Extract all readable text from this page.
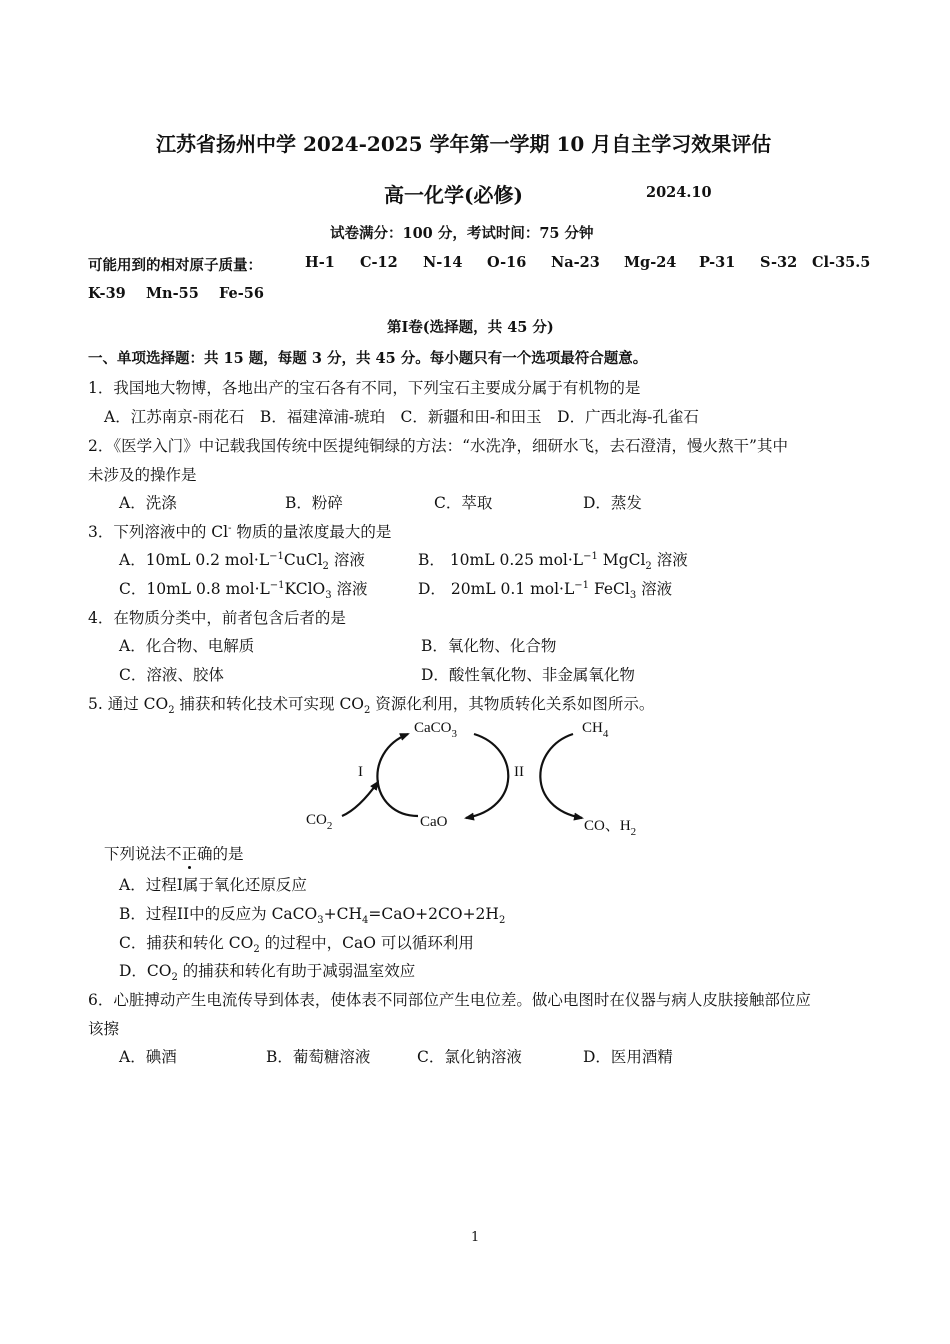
江苏省扬州中学 2024-2025 学年第一学期 10 月自主学习效果评估
高一化学(必修)	2024.10
试卷满分：100 分，考试时间：75 分钟
可能用到的相对原子质量：	H-1 C-12 N-14 O-16 Na-23 Mg-24 P-31 S-32 Cl-35.5
K-39 Mn-55 Fe-56
第Ⅰ卷(选择题，共 45 分)
一、单项选择题：共 15 题，每题 3 分，共 45 分。每小题只有一个选项最符合题意。
1．我国地大物博，各地出产的宝石各有不同，下列宝石主要成分属于有机物的是
A．江苏南京-雨花石　B．福建漳浦-琥珀　C．新疆和田-和田玉　D．广西北海-孔雀石
2．《医学入门》中记载我国传统中医提纯铜绿的方法：“水洗净，细研水飞，去石澄清，慢火熬干”其中
未涉及的操作是
A．洗涤	B．粉碎	C．萃取	D．蒸发
3．下列溶液中的 Cl- 物质的量浓度最大的是
A．10mL 0.2 $mol\cdot L^{-1}CuCl_2$ 溶液	B． 10mL 0.25 $mol\cdot L^{-1}$ MgCl$_2$ 溶液
C．10mL 0.8 $mol\cdot L^{-1}KClO_3$ 溶液	D． 20mL 0.1 $mol\cdot L^{-1}$ FeCl$_3$ 溶液
4．在物质分类中，前者包含后者的是
A．化合物、电解质	B．氧化物、化合物
C．溶液、胶体	D．酸性氧化物、非金属氧化物
5. 通过 $CO_2$ 捕获和转化技术可实现 $CO_2$ 资源化利用，其物质转化关系如图所示。
CaCO$_3$
CaO
$CO_2$
$CH_4$
CO、$H_2$
I	II
下列说法不正确的是
A．过程I属于氧化还原反应
B．过程II中的反应为 $CaCO_3+CH_4=CaO+2CO+2H_2$
C．捕获和转化 $CO_2$ 的过程中，CaO 可以循环利用
D．$CO_2$ 的捕获和转化有助于减弱温室效应
6．心脏搏动产生电流传导到体表，使体表不同部位产生电位差。做心电图时在仪器与病人皮肤接触部位应
该擦
A．碘酒	B．葡萄糖溶液	C．氯化钠溶液	D．医用酒精
1
